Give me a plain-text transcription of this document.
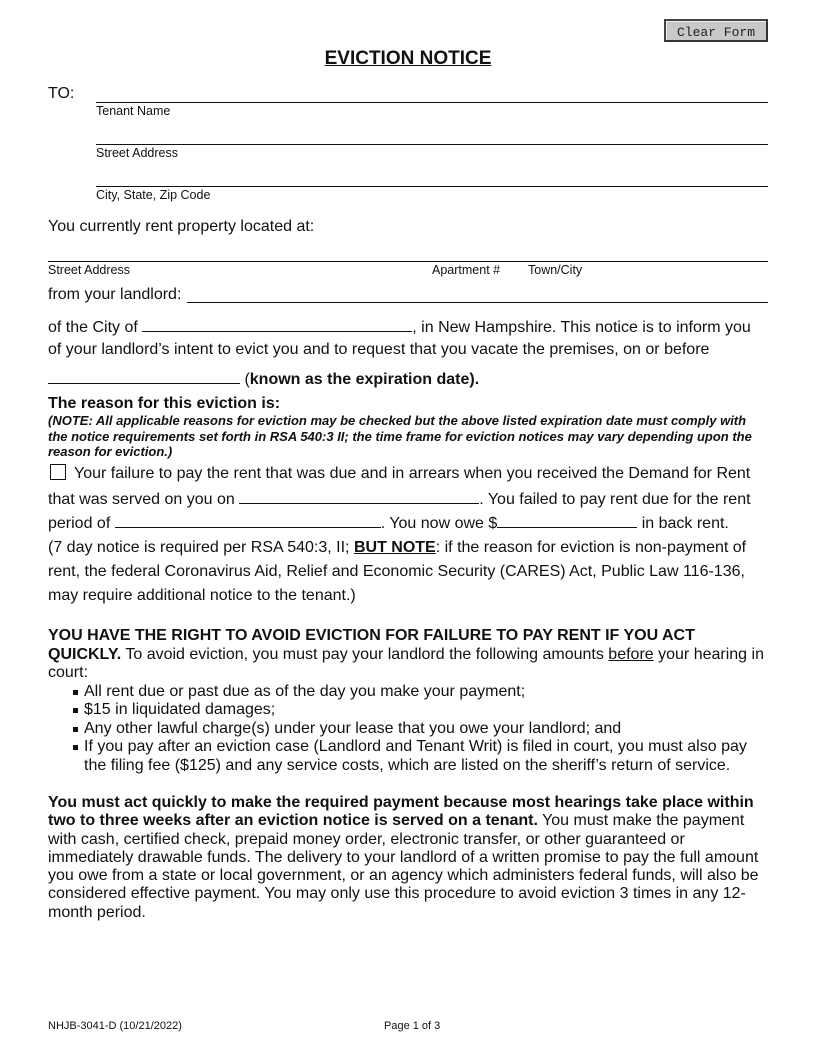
Clear Form
EVICTION NOTICE
TO:
Tenant Name
Street Address
City, State, Zip Code
You currently rent property located at:
Street Address	Apartment # Town/City
from your landlord:
of the City of	, in New Hampshire. This notice is to inform you
of your landlord’s intent to evict you and to request that you vacate the premises, on or before
(known as the expiration date).
The reason for this eviction is:
(NOTE: All applicable reasons for eviction may be checked but the above listed expiration date must comply with the notice requirements set forth in RSA 540:3 II; the time frame for eviction notices may vary depending upon the reason for eviction.)
Your failure to pay the rent that was due and in arrears when you received the Demand for Rent
that was served on you on	. You failed to pay rent due for the rent
period of	. You now owe $	in back rent.
(7 day notice is required per RSA 540:3, II; BUT NOTE: if the reason for eviction is non-payment of rent, the federal Coronavirus Aid, Relief and Economic Security (CARES) Act, Public Law 116-136, may require additional notice to the tenant.)
YOU HAVE THE RIGHT TO AVOID EVICTION FOR FAILURE TO PAY RENT IF YOU ACT QUICKLY. To avoid eviction, you must pay your landlord the following amounts before your hearing in court:
All rent due or past due as of the day you make your payment;
$15 in liquidated damages;
Any other lawful charge(s) under your lease that you owe your landlord; and
If you pay after an eviction case (Landlord and Tenant Writ) is filed in court, you must also pay the filing fee ($125) and any service costs, which are listed on the sheriff’s return of service.
You must act quickly to make the required payment because most hearings take place within two to three weeks after an eviction notice is served on a tenant. You must make the payment with cash, certified check, prepaid money order, electronic transfer, or other guaranteed or immediately drawable funds. The delivery to your landlord of a written promise to pay the full amount you owe from a state or local government, or an agency which administers federal funds, will also be considered effective payment. You may only use this procedure to avoid eviction 3 times in any 12-month period.
NHJB-3041-D (10/21/2022)	Page 1 of 3
